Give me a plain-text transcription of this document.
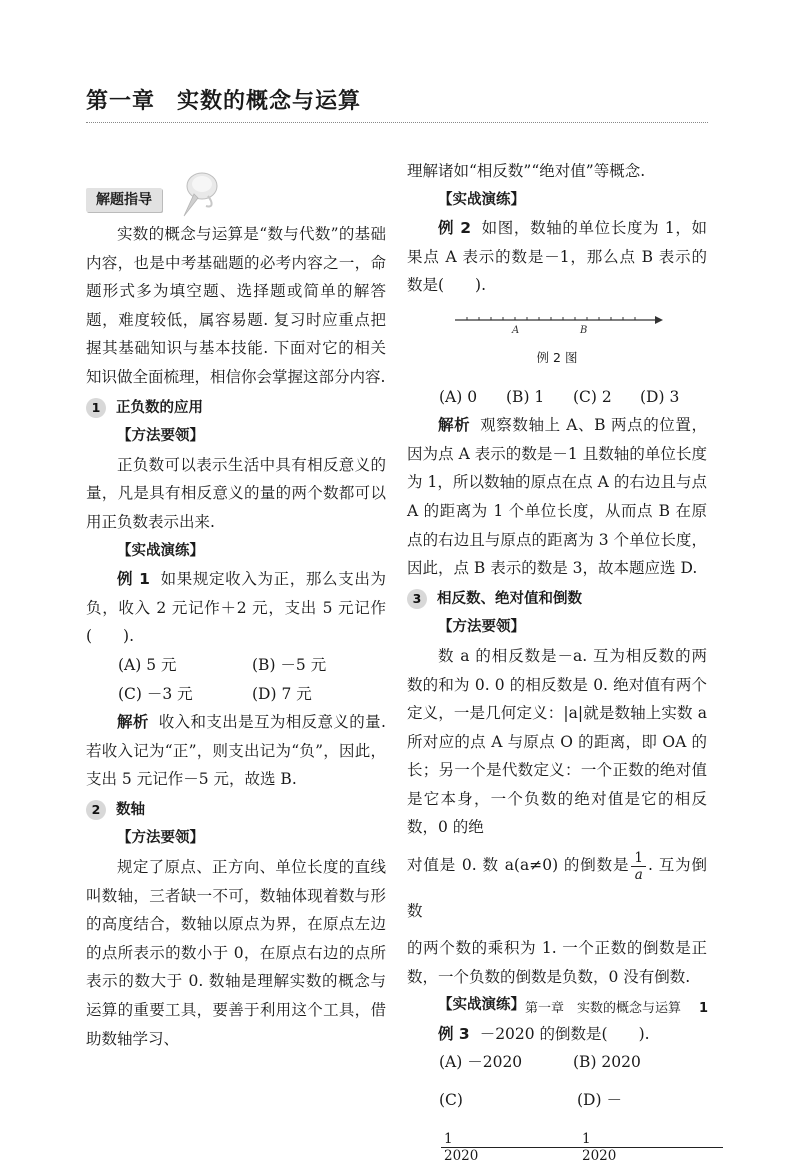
第一章 实数的概念与运算
解题指导

实数的概念与运算是“数与代数”的基础内容，也是中考基础题的必考内容之一，命题形式多为填空题、选择题或简单的解答题，难度较低，属容易题. 复习时应重点把握其基础知识与基本技能. 下面对它的相关知识做全面梳理，相信你会掌握这部分内容.

1	正负数的应用
【方法要领】

正负数可以表示生活中具有相反意义的量，凡是具有相反意义的量的两个数都可以用正负数表示出来.

【实战演练】

例 1 如果规定收入为正，那么支出为负，收入 2 元记作＋2 元，支出 5 元记作(　　).

(A) 5 元	(B) －5 元
(C) －3 元	(D) 7 元

解析 收入和支出是互为相反意义的量. 若收入记为“正”，则支出记为“负”，因此，支出 5 元记作－5 元，故选 B.

2	数轴
【方法要领】

规定了原点、正方向、单位长度的直线叫数轴，三者缺一不可，数轴体现着数与形的高度结合，数轴以原点为界，在原点左边的点所表示的数小于 0，在原点右边的点所表示的数大于 0. 数轴是理解实数的概念与运算的重要工具，要善于利用这个工具，借助数轴学习、

理解诸如“相反数”“绝对值”等概念.

【实战演练】

例 2 如图，数轴的单位长度为 1，如果点 A 表示的数是－1，那么点 B 表示的数是(　　).

A	B
例 2 图
(A) 0	(B) 1	(C) 2	(D) 3

解析 观察数轴上 A、B 两点的位置，因为点 A 表示的数是－1 且数轴的单位长度为 1，所以数轴的原点在点 A 的右边且与点 A 的距离为 1 个单位长度，从而点 B 在原点的右边且与原点的距离为 3 个单位长度，因此，点 B 表示的数是 3，故本题应选 D.

3	相反数、绝对值和倒数
【方法要领】

数 a 的相反数是－a. 互为相反数的两数的和为 0. 0 的相反数是 0. 绝对值有两个定义，一是几何定义：|a|就是数轴上实数 a 所对应的点 A 与原点 O 的距离，即 OA 的长；另一个是代数定义：一个正数的绝对值是它本身，一个负数的绝对值是它的相反数，0 的绝

对值是 0. 数 a(a≠0) 的倒数是 $\frac{1}{a}$ . 互为倒数

的两个数的乘积为 1. 一个正数的倒数是正数，一个负数的倒数是负数，0 没有倒数.

【实战演练】

例 3 －2020 的倒数是(　　).

(A) －2020	(B) 2020
$(C) \frac{1}{2020}$
$(D) -\frac{1}{2020}$
第一章　实数的概念与运算 1
